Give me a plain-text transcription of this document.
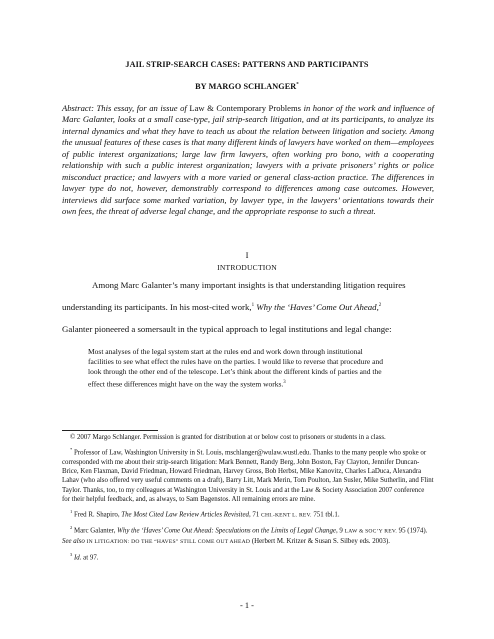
JAIL STRIP-SEARCH CASES: PATTERNS AND PARTICIPANTS
BY MARGO SCHLANGER*
Abstract: This essay, for an issue of Law & Contemporary Problems in honor of the work and influence of Marc Galanter, looks at a small case-type, jail strip-search litigation, and at its participants, to analyze its internal dynamics and what they have to teach us about the relation between litigation and society. Among the unusual features of these cases is that many different kinds of lawyers have worked on them—employees of public interest organizations; large law firm lawyers, often working pro bono, with a cooperating relationship with such a public interest organization; lawyers with a private prisoners’ rights or police misconduct practice; and lawyers with a more varied or general class-action practice. The differences in lawyer type do not, however, demonstrably correspond to differences among case outcomes. However, interviews did surface some marked variation, by lawyer type, in the lawyers’ orientations towards their own fees, the threat of adverse legal change, and the appropriate response to such a threat.
I
INTRODUCTION
Among Marc Galanter’s many important insights is that understanding litigation requires
understanding its participants. In his most-cited work,$^1$ Why the ‘Haves’ Come Out Ahead,$^2$
Galanter pioneered a somersault in the typical approach to legal institutions and legal change:
Most analyses of the legal system start at the rules end and work down through institutional facilities to see what effect the rules have on the parties. I would like to reverse that procedure and look through the other end of the telescope. Let’s think about the different kinds of parties and the effect these differences might have on the way the system works.$^3$

© 2007 Margo Schlanger. Permission is granted for distribution at or below cost to prisoners or students in a class.

* Professor of Law, Washington University in St. Louis, mschlanger@wulaw.wustl.edu. Thanks to the many people who spoke or corresponded with me about their strip-search litigation: Mark Bennett, Randy Berg, John Boston, Fay Clayton, Jennifer Duncan-Brice, Ken Flaxman, David Friedman, Howard Friedman, Harvey Gross, Bob Herbst, Mike Kanovitz, Charles LaDuca, Alexandra Lahav (who also offered very useful comments on a draft), Barry Litt, Mark Merin, Tom Poulton, Jan Susler, Mike Sutherlin, and Flint Taylor. Thanks, too, to my colleagues at Washington University in St. Louis and at the Law & Society Association 2007 conference for their helpful feedback, and, as always, to Sam Bagenstos. All remaining errors are mine.

$^1$ Fred R. Shapiro, The Most Cited Law Review Articles Revisited, 71 CHI.-KENT L. REV. 751 tbl.1.

$^2$ Marc Galanter, Why the ‘Haves’ Come Out Ahead: Speculations on the Limits of Legal Change, 9 LAW & SOC’Y REV. 95 (1974). See also IN LITIGATION: DO THE “HAVES” STILL COME OUT AHEAD (Herbert M. Kritzer & Susan S. Silbey eds. 2003).

$^3$ Id. at 97.

- 1 -
